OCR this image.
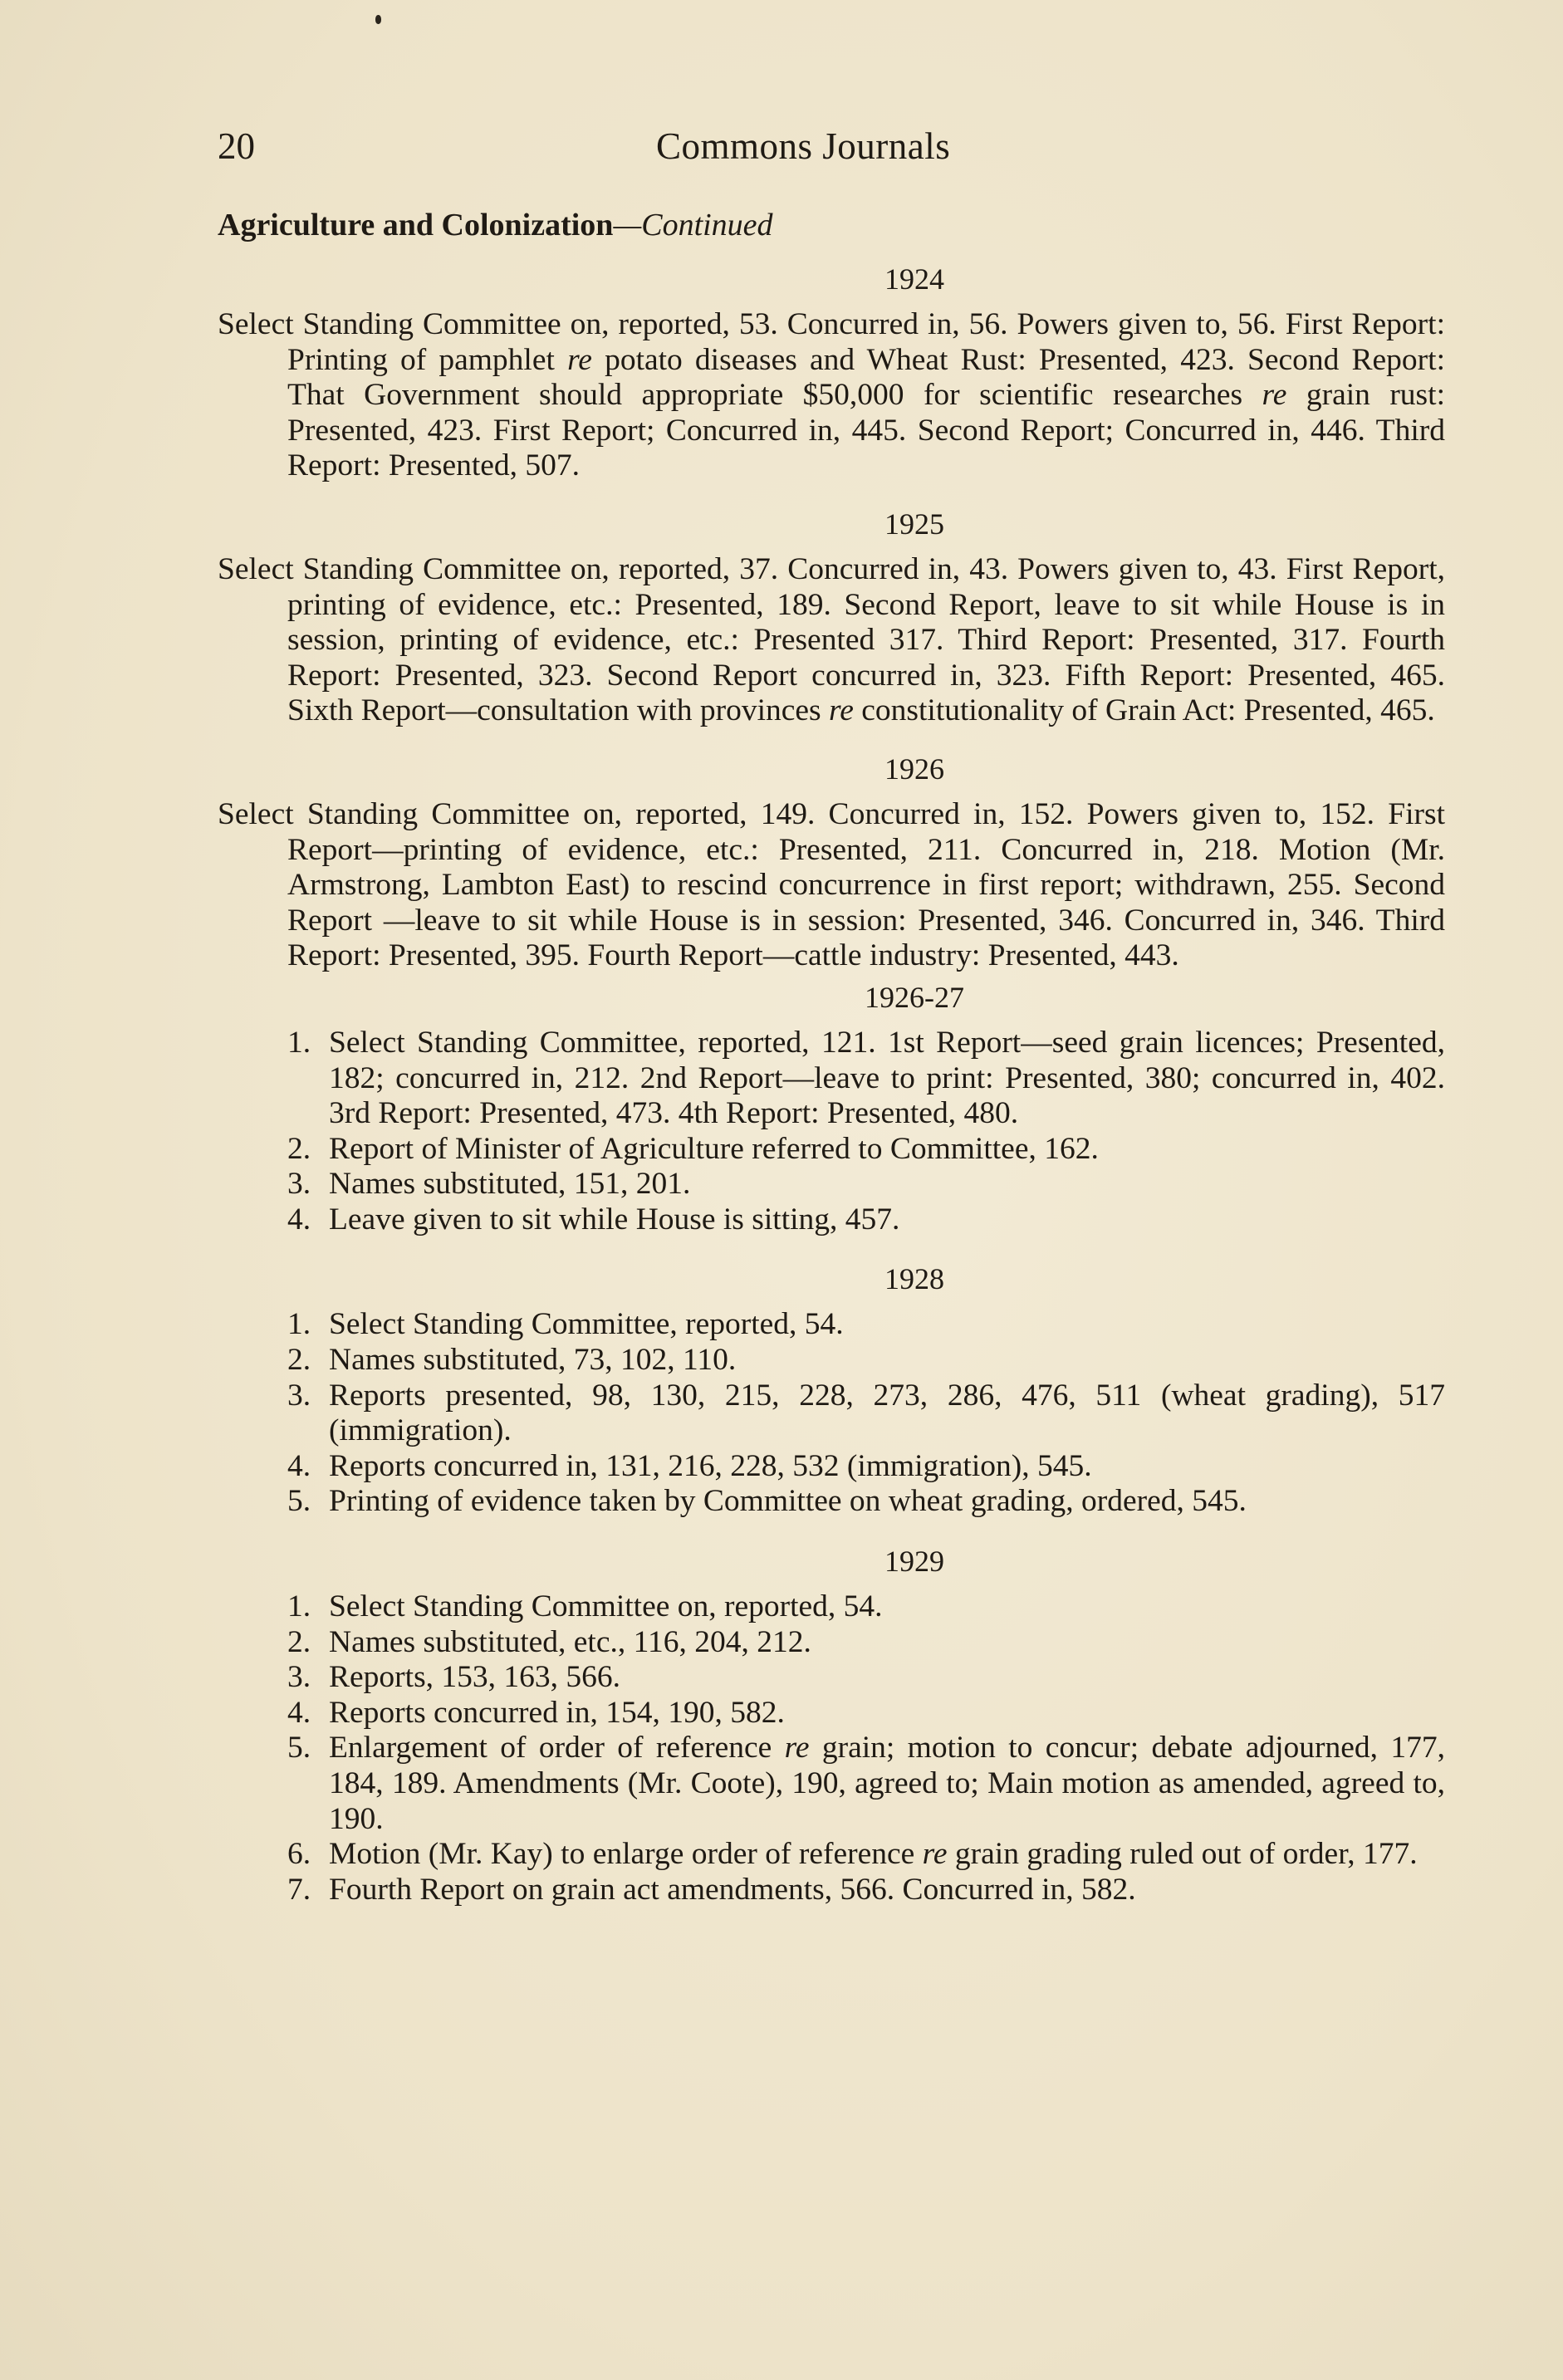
20	Commons Journals
Agriculture and Colonization—Continued
1924

Select Standing Committee on, reported, 53. Concurred in, 56. Powers given to, 56. First Report: Printing of pamphlet re potato diseases and Wheat Rust: Presented, 423. Second Report: That Government should appropriate $50,000 for scientific researches re grain rust: Presented, 423. First Report; Concurred in, 445. Second Report; Concurred in, 446. Third Report: Presented, 507.

1925

Select Standing Committee on, reported, 37. Concurred in, 43. Powers given to, 43. First Report, printing of evidence, etc.: Presented, 189. Second Report, leave to sit while House is in session, printing of evidence, etc.: Presented 317. Third Report: Presented, 317. Fourth Report: Presented, 323. Second Report concurred in, 323. Fifth Report: Presented, 465. Sixth Report—consultation with provinces re constitutionality of Grain Act: Presented, 465.

1926

Select Standing Committee on, reported, 149. Concurred in, 152. Powers given to, 152. First Report—printing of evidence, etc.: Presented, 211. Concurred in, 218. Motion (Mr. Armstrong, Lambton East) to rescind concurrence in first report; withdrawn, 255. Second Report —leave to sit while House is in session: Presented, 346. Concurred in, 346. Third Report: Presented, 395. Fourth Report—cattle industry: Presented, 443.

1926-27
1. Select Standing Committee, reported, 121. 1st Report—seed grain licences; Presented, 182; concurred in, 212. 2nd Report—leave to print: Presented, 380; concurred in, 402. 3rd Report: Presented, 473. 4th Report: Presented, 480.
2. Report of Minister of Agriculture referred to Committee, 162.
3. Names substituted, 151, 201.
4. Leave given to sit while House is sitting, 457.
1928
1. Select Standing Committee, reported, 54.
2. Names substituted, 73, 102, 110.
3. Reports presented, 98, 130, 215, 228, 273, 286, 476, 511 (wheat grading), 517 (immigration).
4. Reports concurred in, 131, 216, 228, 532 (immigration), 545.
5. Printing of evidence taken by Committee on wheat grading, ordered, 545.
1929
1. Select Standing Committee on, reported, 54.
2. Names substituted, etc., 116, 204, 212.
3. Reports, 153, 163, 566.
4. Reports concurred in, 154, 190, 582.
5. Enlargement of order of reference re grain; motion to concur; debate adjourned, 177, 184, 189. Amendments (Mr. Coote), 190, agreed to; Main motion as amended, agreed to, 190.
6. Motion (Mr. Kay) to enlarge order of reference re grain grading ruled out of order, 177.
7. Fourth Report on grain act amendments, 566. Concurred in, 582.
